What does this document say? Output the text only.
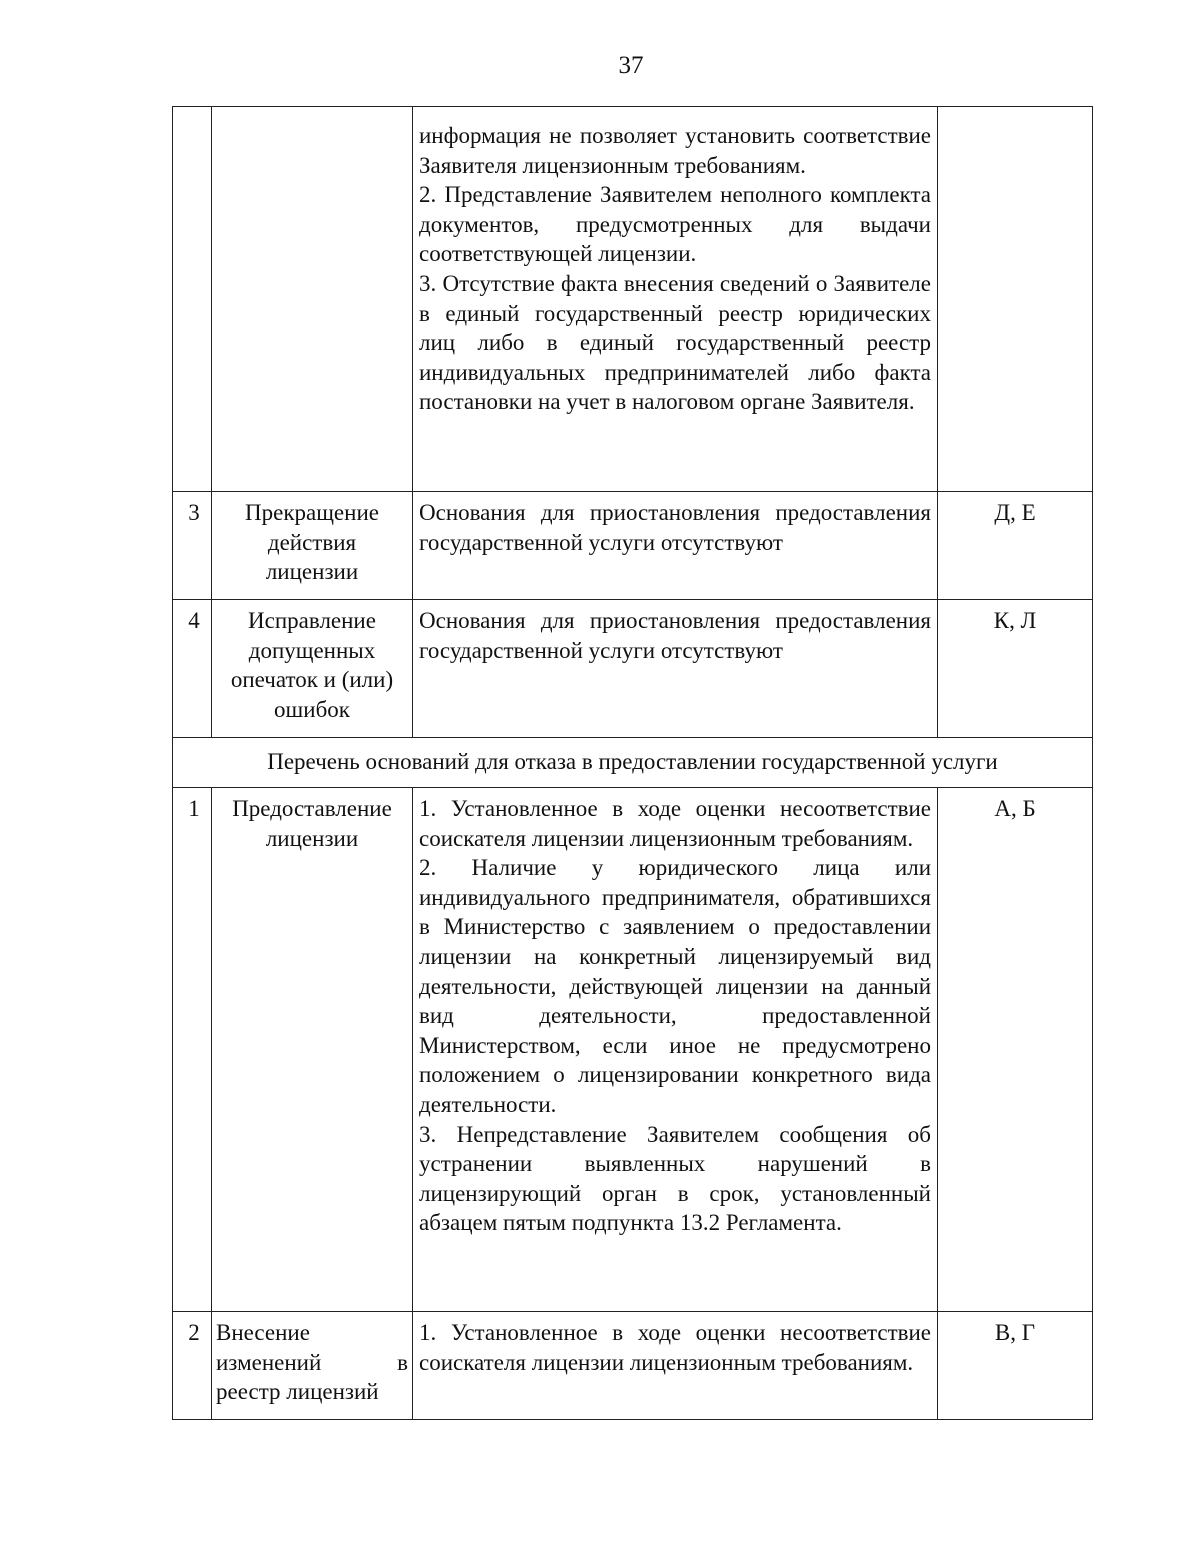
37

		информация не позволяет установить соответствие Заявителя лицензионным требованиям.
2. Представление Заявителем неполного комплекта документов, предусмотренных для выдачи соответствующей лицензии.
3. Отсутствие факта внесения сведений о Заявителе в единый государственный реестр юридических лиц либо в единый государственный реестр индивидуальных предпринимателей либо факта постановки на учет в налоговом органе Заявителя.	

3	Прекращение
действия
лицензии	Основания для приостановления предоставления государственной услуги отсутствуют	Д, Е
4	Исправление
допущенных
опечаток и (или)
ошибок	Основания для приостановления предоставления государственной услуги отсутствуют	К, Л
Перечень оснований для отказа в предоставлении государственной услуги			
1	Предоставление
лицензии	1. Установленное в ходе оценки несоответствие соискателя лицензии лицензионным требованиям.
2. Наличие у юридического лица или индивидуального предпринимателя, обратившихся в Министерство с заявлением о предоставлении лицензии на конкретный лицензируемый вид деятельности, действующей лицензии на данный вид деятельности, предоставленной Министерством, если иное не предусмотрено положением о лицензировании конкретного вида деятельности.
3. Непредставление Заявителем сообщения об устранении выявленных нарушений в лицензирующий орган в срок, установленный абзацем пятым подпункта 13.2 Регламента.	А, Б
2	Внесение изменений в реестр лицензий	1. Установленное в ходе оценки несоответствие соискателя лицензии лицензионным требованиям.	В, Г
